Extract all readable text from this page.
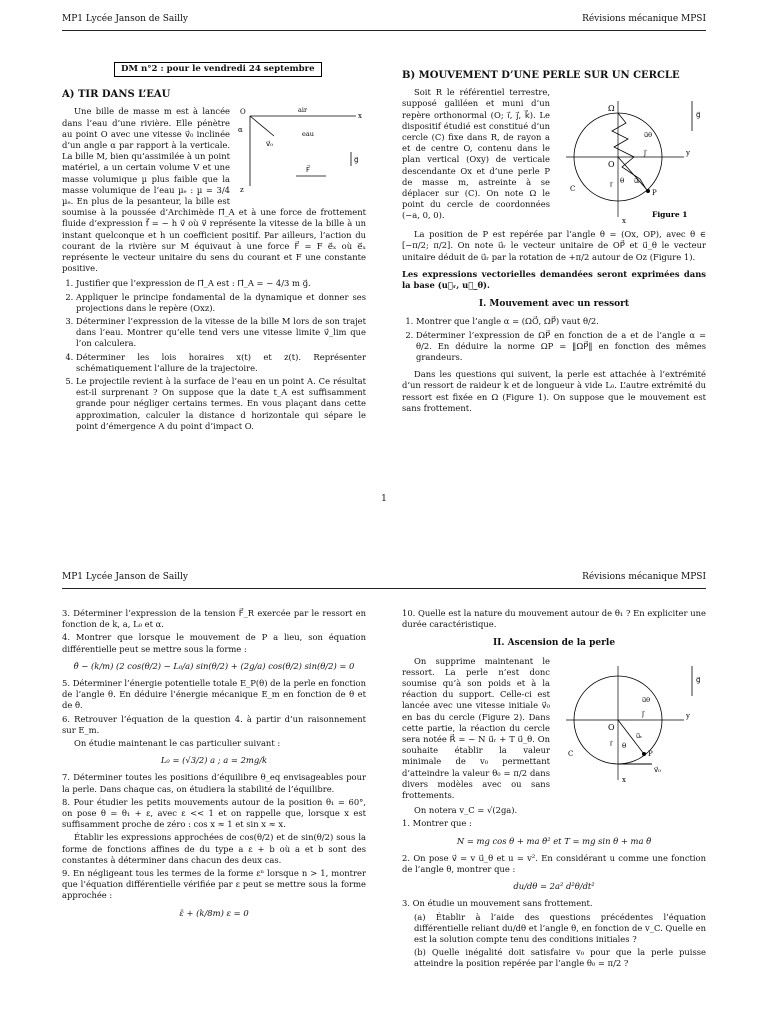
MP1 Lycée Janson de Sailly	Révisions mécanique MPSI
DM n°2 : pour le vendredi 24 septembre
A) TIR DANS L’EAU
O	x
z
air
eau
α
v⃗₀
g⃗
F⃗

Une bille de masse m est à lancée dans l’eau d’une rivière. Elle pénètre au point O avec une vitesse v⃗₀ inclinée d’un angle α par rapport à la verticale. La bille M, bien qu’assimilée à un point matériel, a un certain volume V et une masse volumique µ plus faible que la masse volumique de l’eau µₑ : µ = 3/4 µₑ. En plus de la pesanteur, la bille est soumise à la poussée d’Archimède Π⃗_A et à une force de frottement fluide d’expression f⃗ = − h v⃗ où v⃗ représente la vitesse de la bille à un instant quelconque et h un coefficient positif. Par ailleurs, l’action du courant de la rivière sur M équivaut à une force F⃗ = F e⃗ₓ où e⃗ₓ représente le vecteur unitaire du sens du courant et F une constante positive.

1. Justifier que l’expression de Π⃗_A est : Π⃗_A = − 4/3 m g⃗.
2. Appliquer le principe fondamental de la dynamique et donner ses projections dans le repère (Oxz).
3. Déterminer l’expression de la vitesse de la bille M lors de son trajet dans l’eau. Montrer qu’elle tend vers une vitesse limite v⃗_lim que l’on calculera.
4. Déterminer les lois horaires x(t) et z(t). Représenter schématiquement l’allure de la trajectoire.
5. Le projectile revient à la surface de l’eau en un point A. Ce résultat est-il surprenant ? On suppose que la date t_A est suffisamment grande pour négliger certains termes. En vous plaçant dans cette approximation, calculer la distance d horizontale qui sépare le point d’émergence A du point d’impact O.
B) MOUVEMENT D’UNE PERLE SUR UN CERCLE
Ω
O
C	P
x
y
g⃗
i⃗
j⃗
u⃗ᵣ
u⃗θ
θ
Figure 1

Soit R le référentiel terrestre, supposé galiléen et muni d’un repère orthonormal (O; i⃗, j⃗, k⃗). Le dispositif étudié est constitué d’un cercle (C) fixe dans R, de rayon a et de centre O, contenu dans le plan vertical (Oxy) de verticale descendante Ox et d’une perle P de masse m, astreinte à se déplacer sur (C). On note Ω le point du cercle de coordonnées (−a, 0, 0).

La position de P est repérée par l’angle θ = (Ox, OP), avec θ ∈ [−π/2; π/2]. On note u⃗ᵣ le vecteur unitaire de OP⃗ et u⃗_θ le vecteur unitaire déduit de u⃗ᵣ par la rotation de +π/2 autour de Oz (Figure 1).

Les expressions vectorielles demandées seront exprimées dans la base (u⃗ᵣ, u⃗_θ).

I. Mouvement avec un ressort
1. Montrer que l’angle α = (ΩO⃗, ΩP⃗) vaut θ/2.
2. Déterminer l’expression de ΩP⃗ en fonction de a et de l’angle α = θ/2. En déduire la norme ΩP = ‖ΩP⃗‖ en fonction des mêmes grandeurs.

Dans les questions qui suivent, la perle est attachée à l’extrémité d’un ressort de raideur k et de longueur à vide L₀. L’autre extrémité du ressort est fixée en Ω (Figure 1). On suppose que le mouvement est sans frottement.

1
MP1 Lycée Janson de Sailly	Révisions mécanique MPSI

3. Déterminer l’expression de la tension F⃗_R exercée par le ressort en fonction de k, a, L₀ et α.

4. Montrer que lorsque le mouvement de P a lieu, son équation différentielle peut se mettre sous la forme :

θ̈ − (k/m) (2 cos(θ/2) − L₀/a) sin(θ/2) + (2g/a) cos(θ/2) sin(θ/2) = 0

5. Déterminer l’énergie potentielle totale E_P(θ) de la perle en fonction de l’angle θ. En déduire l’énergie mécanique E_m en fonction de θ et de θ̇.

6. Retrouver l’équation de la question 4. à partir d’un raisonnement sur E_m.

On étudie maintenant le cas particulier suivant :

L₀ = (√3/2) a ; a = 2mg/k

7. Déterminer toutes les positions d’équilibre θ_eq envisageables pour la perle. Dans chaque cas, on étudiera la stabilité de l’équilibre.

8. Pour étudier les petits mouvements autour de la position θ₁ = 60°, on pose θ = θ₁ + ε, avec ε << 1 et on rappelle que, lorsque x est suffisamment proche de zéro : cos x ≈ 1 et sin x ≈ x.

Établir les expressions approchées de cos(θ/2) et de sin(θ/2) sous la forme de fonctions affines de du type a ε + b où a et b sont des constantes à déterminer dans chacun des deux cas.

9. En négligeant tous les termes de la forme εⁿ lorsque n > 1, montrer que l’équation différentielle vérifiée par ε peut se mettre sous la forme approchée :

ε̈ + (k/8m) ε = 0

10. Quelle est la nature du mouvement autour de θ₁ ? En expliciter une durée caractéristique.

II. Ascension de la perle
O
C	P
x
y
g⃗
i⃗
j⃗
u⃗ᵣ
u⃗θ
θ
v⃗₀

On supprime maintenant le ressort. La perle n’est donc soumise qu’à son poids et à la réaction du support. Celle-ci est lancée avec une vitesse initiale v⃗₀ en bas du cercle (Figure 2). Dans cette partie, la réaction du cercle sera notée R⃗ = − N u⃗ᵣ + T u⃗_θ. On souhaite établir la valeur minimale de v₀ permettant d’atteindre la valeur θ₀ = π/2 dans divers modèles avec ou sans frottements.

On notera v_C = √(2ga).

1. Montrer que :

N = mg cos θ + ma θ̇² et T = mg sin θ + ma θ̈

2. On pose v⃗ = v u⃗_θ et u = v². En considérant u comme une fonction de l’angle θ, montrer que :

du/dθ = 2a² d²θ/dt²

3. On étudie un mouvement sans frottement.

(a) Établir à l’aide des questions précédentes l’équation différentielle reliant du/dθ et l’angle θ, en fonction de v_C. Quelle en est la solution compte tenu des conditions initiales ?

(b) Quelle inégalité doit satisfaire v₀ pour que la perle puisse atteindre la position repérée par l’angle θ₀ = π/2 ?
